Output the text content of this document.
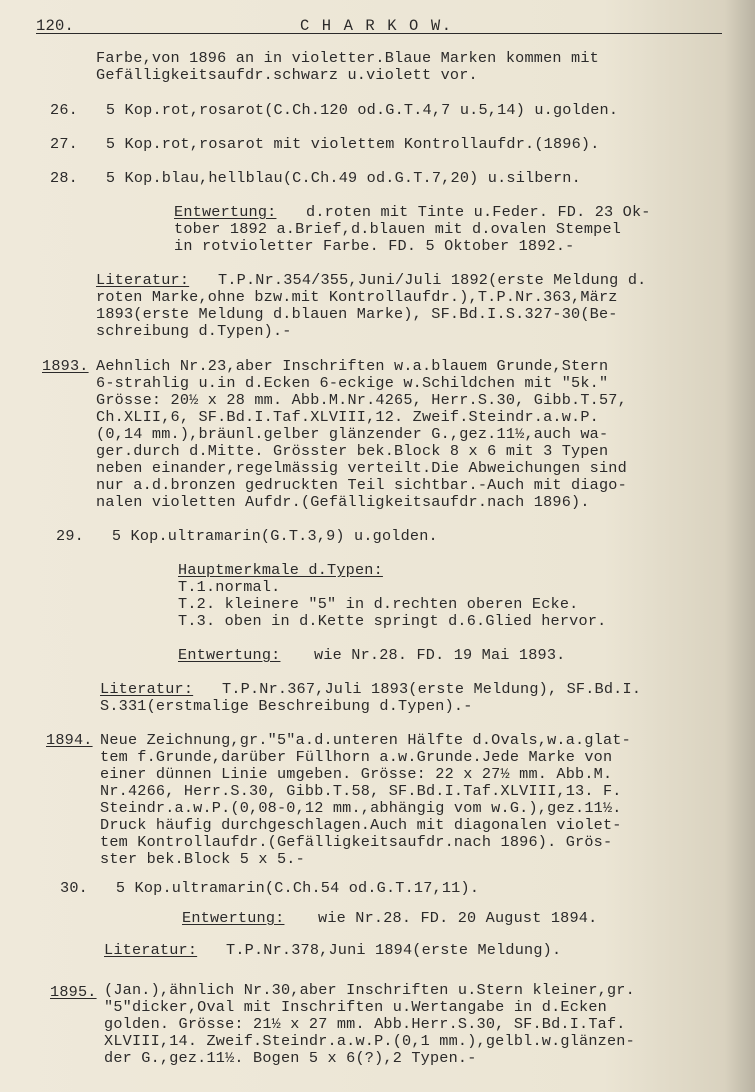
120.	C H A R K O W.
Farbe,von 1896 an in violetter.Blaue Marken kommen mit
Gefälligkeitsaufdr.schwarz u.violett vor.
26.   5 Kop.rot,rosarot(C.Ch.120 od.G.T.4,7 u.5,14) u.golden.
27.   5 Kop.rot,rosarot mit violettem Kontrollaufdr.(1896).
28.   5 Kop.blau,hellblau(C.Ch.49 od.G.T.7,20) u.silbern.
Entwertung: d.roten mit Tinte u.Feder. FD. 23 Ok-
tober 1892 a.Brief,d.blauen mit d.ovalen Stempel
in rotvioletter Farbe. FD. 5 Oktober 1892.-
Literatur: T.P.Nr.354/355,Juni/Juli 1892(erste Meldung d.
roten Marke,ohne bzw.mit Kontrollaufdr.),T.P.Nr.363,März
1893(erste Meldung d.blauen Marke), SF.Bd.I.S.327-30(Be-
schreibung d.Typen).-
1893. Aehnlich Nr.23,aber Inschriften w.a.blauem Grunde,Stern
6-strahlig u.in d.Ecken 6-eckige w.Schildchen mit "5k."
Grösse: 20½ x 28 mm. Abb.M.Nr.4265, Herr.S.30, Gibb.T.57,
Ch.XLII,6, SF.Bd.I.Taf.XLVIII,12. Zweif.Steindr.a.w.P.
(0,14 mm.),bräunl.gelber glänzender G.,gez.11½,auch wa-
ger.durch d.Mitte. Grösster bek.Block 8 x 6 mit 3 Typen
neben einander,regelmässig verteilt.Die Abweichungen sind
nur a.d.bronzen gedruckten Teil sichtbar.-Auch mit diago-
nalen violetten Aufdr.(Gefälligkeitsaufdr.nach 1896).
29.   5 Kop.ultramarin(G.T.3,9) u.golden.
Hauptmerkmale d.Typen:
T.1.normal.
T.2. kleinere "5" in d.rechten oberen Ecke.
T.3. oben in d.Kette springt d.6.Glied hervor.
Entwertung: wie Nr.28. FD. 19 Mai 1893.
Literatur: T.P.Nr.367,Juli 1893(erste Meldung), SF.Bd.I.
S.331(erstmalige Beschreibung d.Typen).-
1894. Neue Zeichnung,gr."5"a.d.unteren Hälfte d.Ovals,w.a.glat-
tem f.Grunde,darüber Füllhorn a.w.Grunde.Jede Marke von
einer dünnen Linie umgeben. Grösse: 22 x 27½ mm. Abb.M.
Nr.4266, Herr.S.30, Gibb.T.58, SF.Bd.I.Taf.XLVIII,13. F.
Steindr.a.w.P.(0,08-0,12 mm.,abhängig vom w.G.),gez.11½.
Druck häufig durchgeschlagen.Auch mit diagonalen violet-
tem Kontrollaufdr.(Gefälligkeitsaufdr.nach 1896). Grös-
ster bek.Block 5 x 5.-
30.   5 Kop.ultramarin(C.Ch.54 od.G.T.17,11).
Entwertung: wie Nr.28. FD. 20 August 1894.
Literatur: T.P.Nr.378,Juni 1894(erste Meldung).
1895. (Jan.),ähnlich Nr.30,aber Inschriften u.Stern kleiner,gr.
"5"dicker,Oval mit Inschriften u.Wertangabe in d.Ecken
golden. Grösse: 21½ x 27 mm. Abb.Herr.S.30, SF.Bd.I.Taf.
XLVIII,14. Zweif.Steindr.a.w.P.(0,1 mm.),gelbl.w.glänzen-
der G.,gez.11½. Bogen 5 x 6(?),2 Typen.-
